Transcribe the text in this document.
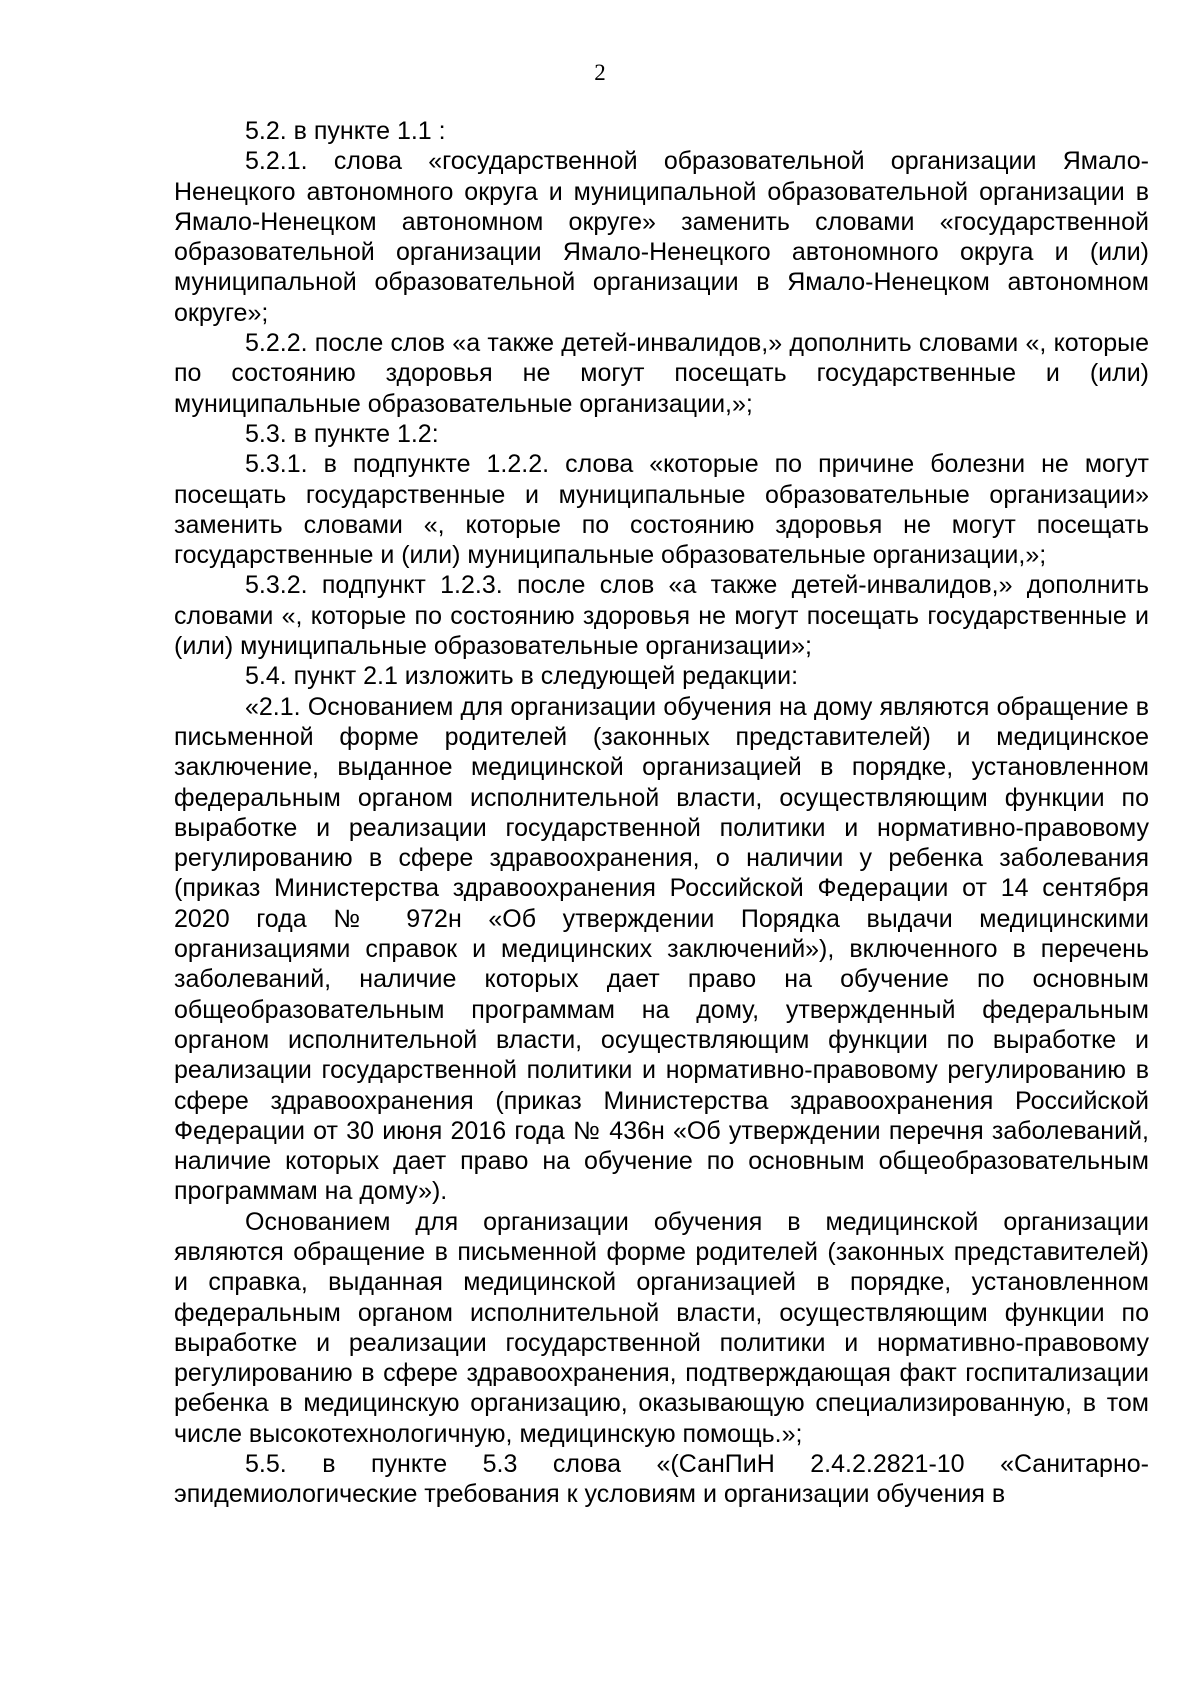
2

5.2. в пункте 1.1 :

5.2.1. слова «государственной образовательной организации Ямало-Ненецкого автономного округа и муниципальной образовательной организации в Ямало-Ненецком автономном округе» заменить словами «государственной образовательной организации Ямало-Ненецкого автономного округа и (или) муниципальной образовательной организации в Ямало-Ненецком автономном округе»;

5.2.2. после слов «а также детей-инвалидов,» дополнить словами «, которые по состоянию здоровья не могут посещать государственные и (или) муниципальные образовательные организации,»;

5.3. в пункте 1.2:

5.3.1. в подпункте 1.2.2. слова «которые по причине болезни не могут посещать государственные и муниципальные образовательные организации» заменить словами «, которые по состоянию здоровья не могут посещать государственные и (или) муниципальные образовательные организации,»;

5.3.2. подпункт 1.2.3. после слов «а также детей-инвалидов,» дополнить словами «, которые по состоянию здоровья не могут посещать государственные и (или) муниципальные образовательные организации»;

5.4. пункт 2.1 изложить в следующей редакции:

«2.1. Основанием для организации обучения на дому являются обращение в письменной форме родителей (законных представителей) и медицинское заключение, выданное медицинской организацией в порядке, установленном федеральным органом исполнительной власти, осуществляющим функции по выработке и реализации государственной политики и нормативно-правовому регулированию в сфере здравоохранения, о наличии у ребенка заболевания (приказ Министерства здравоохранения Российской Федерации от 14 сентября 2020 года № 972н «Об утверждении Порядка выдачи медицинскими организациями справок и медицинских заключений»), включенного в перечень заболеваний, наличие которых дает право на обучение по основным общеобразовательным программам на дому, утвержденный федеральным органом исполнительной власти, осуществляющим функции по выработке и реализации государственной политики и нормативно-правовому регулированию в сфере здравоохранения (приказ Министерства здравоохранения Российской Федерации от 30 июня 2016 года № 436н «Об утверждении перечня заболеваний, наличие которых дает право на обучение по основным общеобразовательным программам на дому»).

Основанием для организации обучения в медицинской организации являются обращение в письменной форме родителей (законных представителей) и справка, выданная медицинской организацией в порядке, установленном федеральным органом исполнительной власти, осуществляющим функции по выработке и реализации государственной политики и нормативно-правовому регулированию в сфере здравоохранения, подтверждающая факт госпитализации ребенка в медицинскую организацию, оказывающую специализированную, в том числе высокотехнологичную, медицинскую помощь.»;

5.5. в пункте 5.3 слова «(СанПиН 2.4.2.2821-10 «Санитарно-эпидемиологические требования к условиям и организации обучения в
